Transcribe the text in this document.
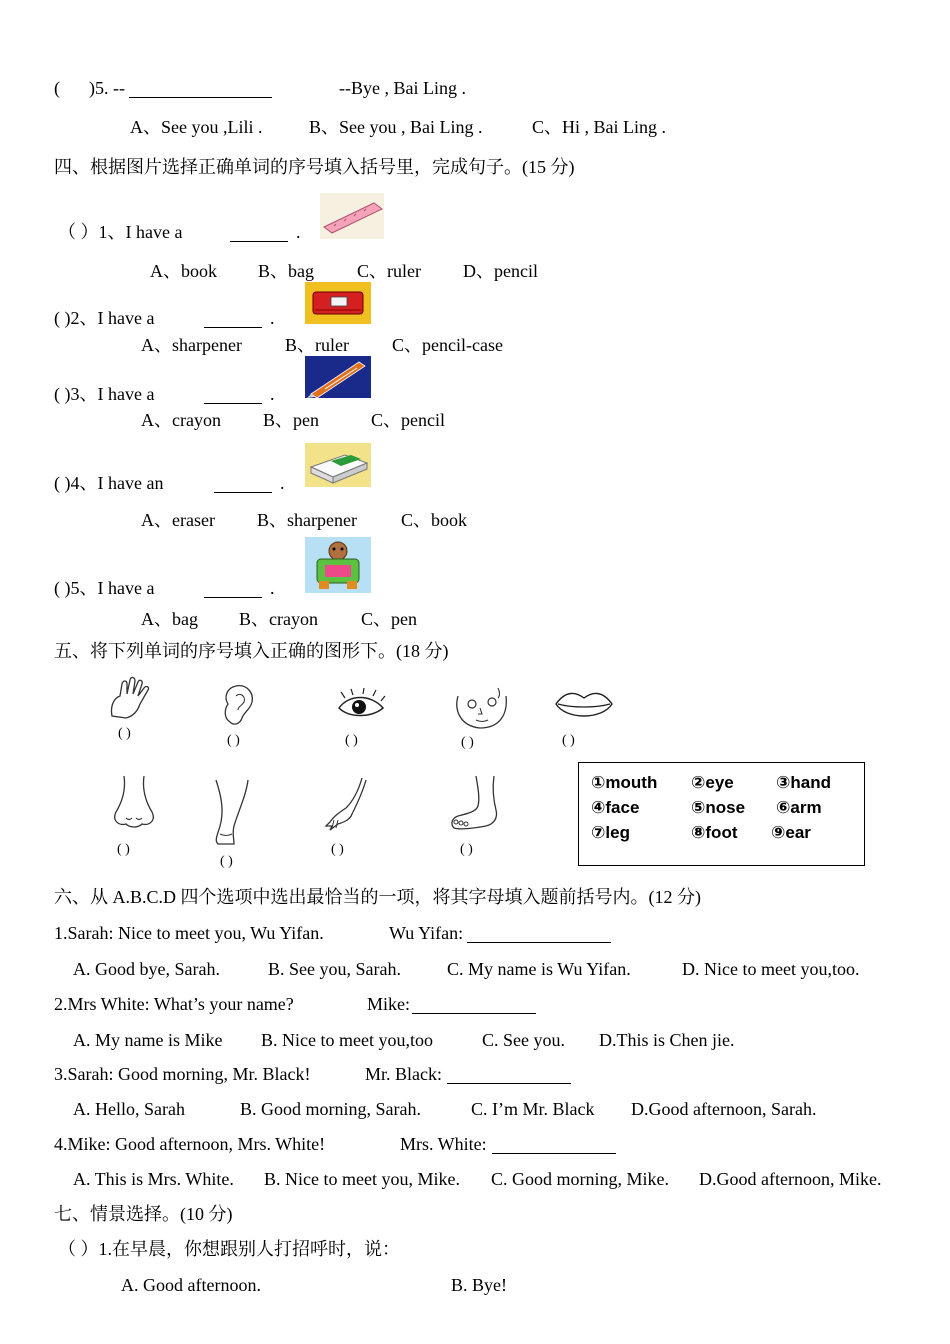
( )5. --	--Bye , Bai Ling .
A、See you ,Lili .	B、See you , Bai Ling .	C、Hi , Bai Ling .
四、根据图片选择正确单词的序号填入括号里，完成句子。(15 分)
（ ）1、I have a	.
A、book B、bag C、ruler D、pencil
( )2、I have a	.
A、sharpener B、ruler C、pencil-case
( )3、I have a	.
A、crayon B、pen	C、pencil
( )4、I have an	.
A、eraser B、sharpener C、book
( )5、I have a	.
A、bag B、crayon C、pen
五、将下列单词的序号填入正确的图形下。(18 分)
( )	( )	( )	( )	( )
( )
( )
( )	( )
①mouth ②eye ③hand
④face	⑤nose ⑥arm
⑦leg	⑧foot ⑨ear
六、从 A.B.C.D 四个选项中选出最恰当的一项，将其字母填入题前括号内。(12 分)
1.Sarah: Nice to meet you, Wu Yifan.	Wu Yifan:
A. Good bye, Sarah.	B. See you, Sarah.	C. My name is Wu Yifan.	D. Nice to meet you,too.
2.Mrs White: What’s your name?	Mike:
A. My name is Mike B. Nice to meet you,too	C. See you. D.This is Chen jie.
3.Sarah: Good morning, Mr. Black!	Mr. Black:
A. Hello, Sarah	B. Good morning, Sarah.	C. I’m Mr. Black D.Good afternoon, Sarah.
4.Mike: Good afternoon, Mrs. White!	Mrs. White:
A. This is Mrs. White. B. Nice to meet you, Mike. C. Good morning, Mike. D.Good afternoon, Mike.
七、情景选择。(10 分)
（ ）1.在早晨，你想跟别人打招呼时，说：
A. Good afternoon.	B. Bye!
